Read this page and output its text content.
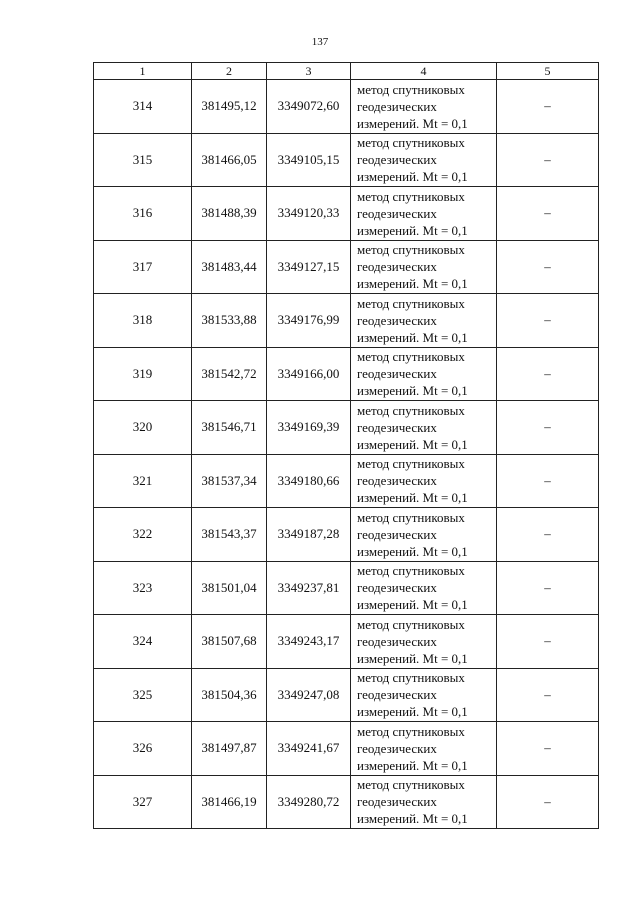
137
1	2	3	4	5
314	381495,12	3349072,60	метод спутниковых
геодезических
измерений. Mt = 0,1	–
315	381466,05	3349105,15	метод спутниковых
геодезических
измерений. Mt = 0,1	–
316	381488,39	3349120,33	метод спутниковых
геодезических
измерений. Mt = 0,1	–
317	381483,44	3349127,15	метод спутниковых
геодезических
измерений. Mt = 0,1	–
318	381533,88	3349176,99	метод спутниковых
геодезических
измерений. Mt = 0,1	–
319	381542,72	3349166,00	метод спутниковых
геодезических
измерений. Mt = 0,1	–
320	381546,71	3349169,39	метод спутниковых
геодезических
измерений. Mt = 0,1	–
321	381537,34	3349180,66	метод спутниковых
геодезических
измерений. Mt = 0,1	–
322	381543,37	3349187,28	метод спутниковых
геодезических
измерений. Mt = 0,1	–
323	381501,04	3349237,81	метод спутниковых
геодезических
измерений. Mt = 0,1	–
324	381507,68	3349243,17	метод спутниковых
геодезических
измерений. Mt = 0,1	–
325	381504,36	3349247,08	метод спутниковых
геодезических
измерений. Mt = 0,1	–
326	381497,87	3349241,67	метод спутниковых
геодезических
измерений. Mt = 0,1	–
327	381466,19	3349280,72	метод спутниковых
геодезических
измерений. Mt = 0,1	–
